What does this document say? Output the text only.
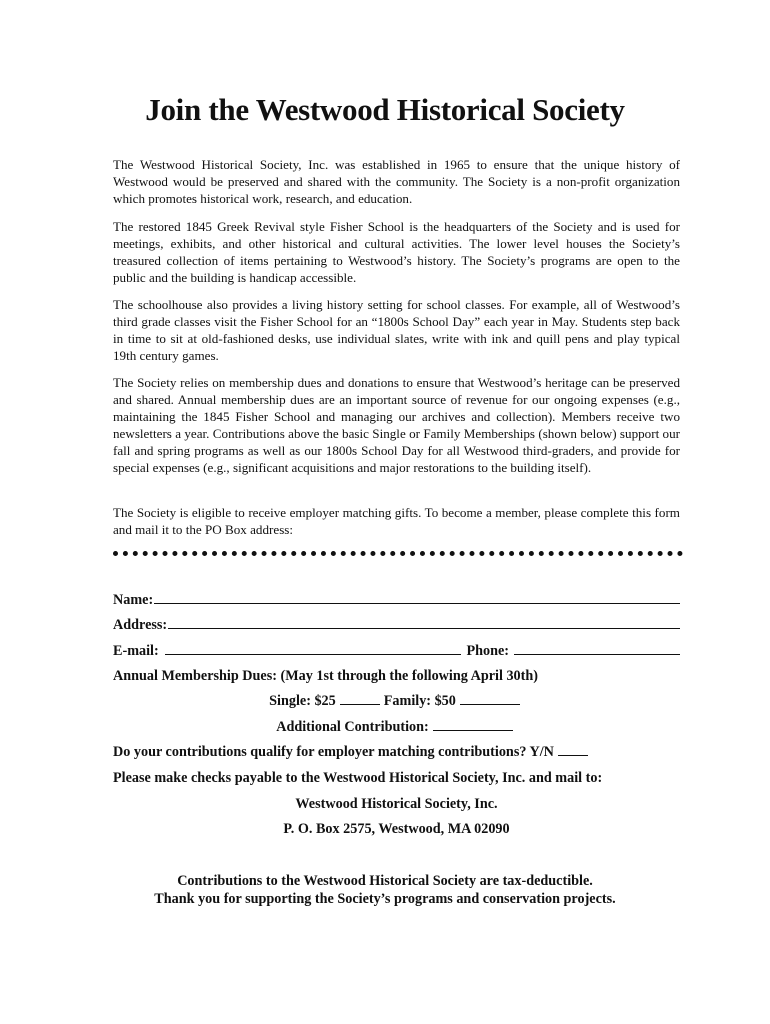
Join the Westwood Historical Society

The Westwood Historical Society, Inc. was established in 1965 to ensure that the unique history of Westwood would be preserved and shared with the community. The Society is a non-profit organization which promotes historical work, research, and education.

The restored 1845 Greek Revival style Fisher School is the headquarters of the Society and is used for meetings, exhibits, and other historical and cultural activities. The lower level houses the Society’s treasured collection of items pertaining to Westwood’s history. The Society’s programs are open to the public and the building is handicap accessible.

The schoolhouse also provides a living history setting for school classes. For example, all of Westwood’s third grade classes visit the Fisher School for an “1800s School Day” each year in May. Students step back in time to sit at old-fashioned desks, use individual slates, write with ink and quill pens and play typical 19th century games.

The Society relies on membership dues and donations to ensure that Westwood’s heritage can be preserved and shared. Annual membership dues are an important source of revenue for our ongoing expenses (e.g., maintaining the 1845 Fisher School and managing our archives and collection). Members receive two newsletters a year. Contributions above the basic Single or Family Memberships (shown below) support our fall and spring programs as well as our 1800s School Day for all Westwood third-graders, and provide for special expenses (e.g., significant acquisitions and major restorations to the building itself).

The Society is eligible to receive employer matching gifts. To become a member, please complete this form and mail it to the PO Box address:

Name:
Address:
E-mail:	Phone:
Annual Membership Dues: (May 1st through the following April 30th)
Single: $25	Family: $50
Additional Contribution:
Do your contributions qualify for employer matching contributions? Y/N
Please make checks payable to the Westwood Historical Society, Inc. and mail to:
Westwood Historical Society, Inc.
P. O. Box 2575, Westwood, MA 02090

Contributions to the Westwood Historical Society are tax-deductible.

Thank you for supporting the Society’s programs and conservation projects.
